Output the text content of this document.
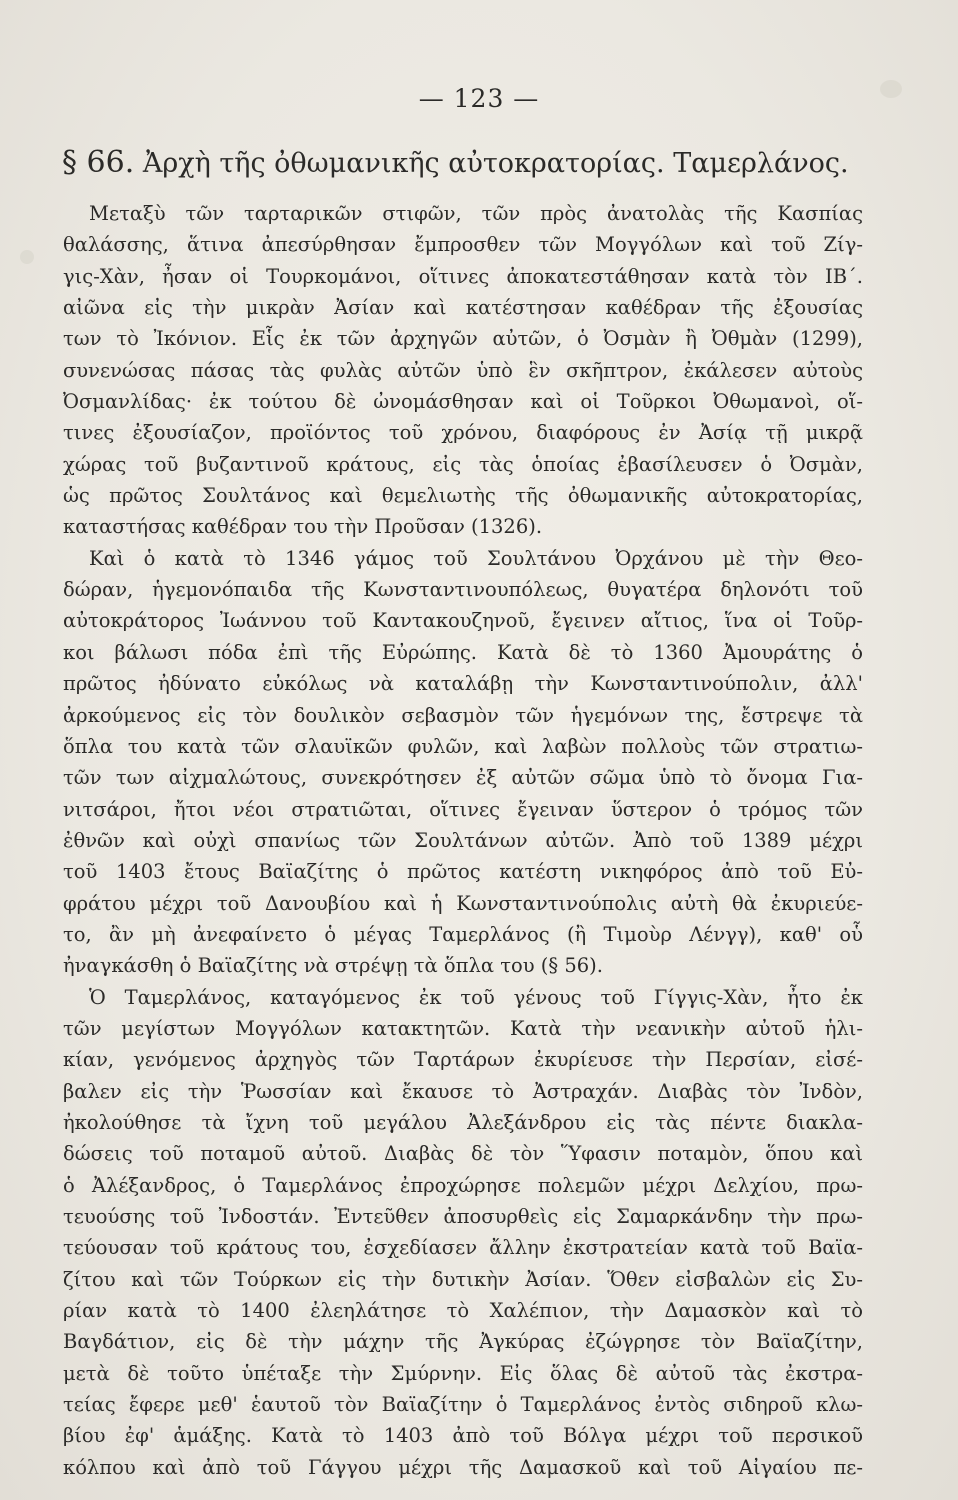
— 123 —
§ 66. Ἀρχὴ τῆς ὀθωμανικῆς αὐτοκρατορίας. Ταμερλάνος.
Μεταξὺ τῶν ταρταρικῶν στιφῶν, τῶν πρὸς ἀνατολὰς τῆς Κασπίας
θαλάσσης, ἅτινα ἀπεσύρθησαν ἔμπροσθεν τῶν Μογγόλων καὶ τοῦ Ζίγ-
γις-Χὰν, ἦσαν οἱ Τουρκομάνοι, οἵτινες ἀποκατεστάθησαν κατὰ τὸν ΙΒ΄.
αἰῶνα εἰς τὴν μικρὰν Ἀσίαν καὶ κατέστησαν καθέδραν τῆς ἐξουσίας
των τὸ Ἰκόνιον. Εἷς ἐκ τῶν ἀρχηγῶν αὐτῶν, ὁ Ὀσμὰν ἢ Ὀθμὰν (1299),
συνενώσας πάσας τὰς φυλὰς αὐτῶν ὑπὸ ἓν σκῆπτρον, ἐκάλεσεν αὐτοὺς
Ὀσμανλίδας· ἐκ τούτου δὲ ὠνομάσθησαν καὶ οἱ Τοῦρκοι Ὀθωμανοὶ, οἵ-
τινες ἐξουσίαζον, προϊόντος τοῦ χρόνου, διαφόρους ἐν Ἀσίᾳ τῇ μικρᾷ
χώρας τοῦ βυζαντινοῦ κράτους, εἰς τὰς ὁποίας ἐβασίλευσεν ὁ Ὀσμὰν,
ὡς πρῶτος Σουλτάνος καὶ θεμελιωτὴς τῆς ὀθωμανικῆς αὐτοκρατορίας,
καταστήσας καθέδραν του τὴν Προῦσαν (1326).
Καὶ ὁ κατὰ τὸ 1346 γάμος τοῦ Σουλτάνου Ὀρχάνου μὲ τὴν Θεο-
δώραν, ἡγεμονόπαιδα τῆς Κωνσταντινουπόλεως, θυγατέρα δηλονότι τοῦ
αὐτοκράτορος Ἰωάννου τοῦ Καντακουζηνοῦ, ἔγεινεν αἴτιος, ἵνα οἱ Τοῦρ-
κοι βάλωσι πόδα ἐπὶ τῆς Εὐρώπης. Κατὰ δὲ τὸ 1360 Ἀμουράτης ὁ
πρῶτος ἠδύνατο εὐκόλως νὰ καταλάβῃ τὴν Κωνσταντινούπολιν, ἀλλ'
ἀρκούμενος εἰς τὸν δουλικὸν σεβασμὸν τῶν ἡγεμόνων της, ἔστρεψε τὰ
ὅπλα του κατὰ τῶν σλαυϊκῶν φυλῶν, καὶ λαβὼν πολλοὺς τῶν στρατιω-
τῶν των αἰχμαλώτους, συνεκρότησεν ἐξ αὐτῶν σῶμα ὑπὸ τὸ ὄνομα Για-
νιτσάροι, ἤτοι νέοι στρατιῶται, οἵτινες ἔγειναν ὕστερον ὁ τρόμος τῶν
ἐθνῶν καὶ οὐχὶ σπανίως τῶν Σουλτάνων αὐτῶν. Ἀπὸ τοῦ 1389 μέχρι
τοῦ 1403 ἔτους Βαϊαζίτης ὁ πρῶτος κατέστη νικηφόρος ἀπὸ τοῦ Εὐ-
φράτου μέχρι τοῦ Δανουβίου καὶ ἡ Κωνσταντινούπολις αὐτὴ θὰ ἐκυριεύε-
το, ἂν μὴ ἀνεφαίνετο ὁ μέγας Ταμερλάνος (ἢ Τιμοὺρ Λένγγ), καθ' οὗ
ἠναγκάσθη ὁ Βαϊαζίτης νὰ στρέψῃ τὰ ὅπλα του (§ 56).
Ὁ Ταμερλάνος, καταγόμενος ἐκ τοῦ γένους τοῦ Γίγγις-Χὰν, ἦτο ἐκ
τῶν μεγίστων Μογγόλων κατακτητῶν. Κατὰ τὴν νεανικὴν αὐτοῦ ἡλι-
κίαν, γενόμενος ἀρχηγὸς τῶν Ταρτάρων ἐκυρίευσε τὴν Περσίαν, εἰσέ-
βαλεν εἰς τὴν Ῥωσσίαν καὶ ἔκαυσε τὸ Ἀστραχάν. Διαβὰς τὸν Ἰνδὸν,
ἠκολούθησε τὰ ἴχνη τοῦ μεγάλου Ἀλεξάνδρου εἰς τὰς πέντε διακλα-
δώσεις τοῦ ποταμοῦ αὐτοῦ. Διαβὰς δὲ τὸν Ὕφασιν ποταμὸν, ὅπου καὶ
ὁ Ἀλέξανδρος, ὁ Ταμερλάνος ἐπροχώρησε πολεμῶν μέχρι Δελχίου, πρω-
τευούσης τοῦ Ἰνδοστάν. Ἐντεῦθεν ἀποσυρθεὶς εἰς Σαμαρκάνδην τὴν πρω-
τεύουσαν τοῦ κράτους του, ἐσχεδίασεν ἄλλην ἐκστρατείαν κατὰ τοῦ Βαϊα-
ζίτου καὶ τῶν Τούρκων εἰς τὴν δυτικὴν Ἀσίαν. Ὅθεν εἰσβαλὼν εἰς Συ-
ρίαν κατὰ τὸ 1400 ἐλεηλάτησε τὸ Χαλέπιον, τὴν Δαμασκὸν καὶ τὸ
Βαγδάτιον, εἰς δὲ τὴν μάχην τῆς Ἀγκύρας ἐζώγρησε τὸν Βαϊαζίτην,
μετὰ δὲ τοῦτο ὑπέταξε τὴν Σμύρνην. Εἰς ὅλας δὲ αὐτοῦ τὰς ἐκστρα-
τείας ἔφερε μεθ' ἑαυτοῦ τὸν Βαϊαζίτην ὁ Ταμερλάνος ἐντὸς σιδηροῦ κλω-
βίου ἐφ' ἁμάξης. Κατὰ τὸ 1403 ἀπὸ τοῦ Βόλγα μέχρι τοῦ περσικοῦ
κόλπου καὶ ἀπὸ τοῦ Γάγγου μέχρι τῆς Δαμασκοῦ καὶ τοῦ Αἰγαίου πε-
